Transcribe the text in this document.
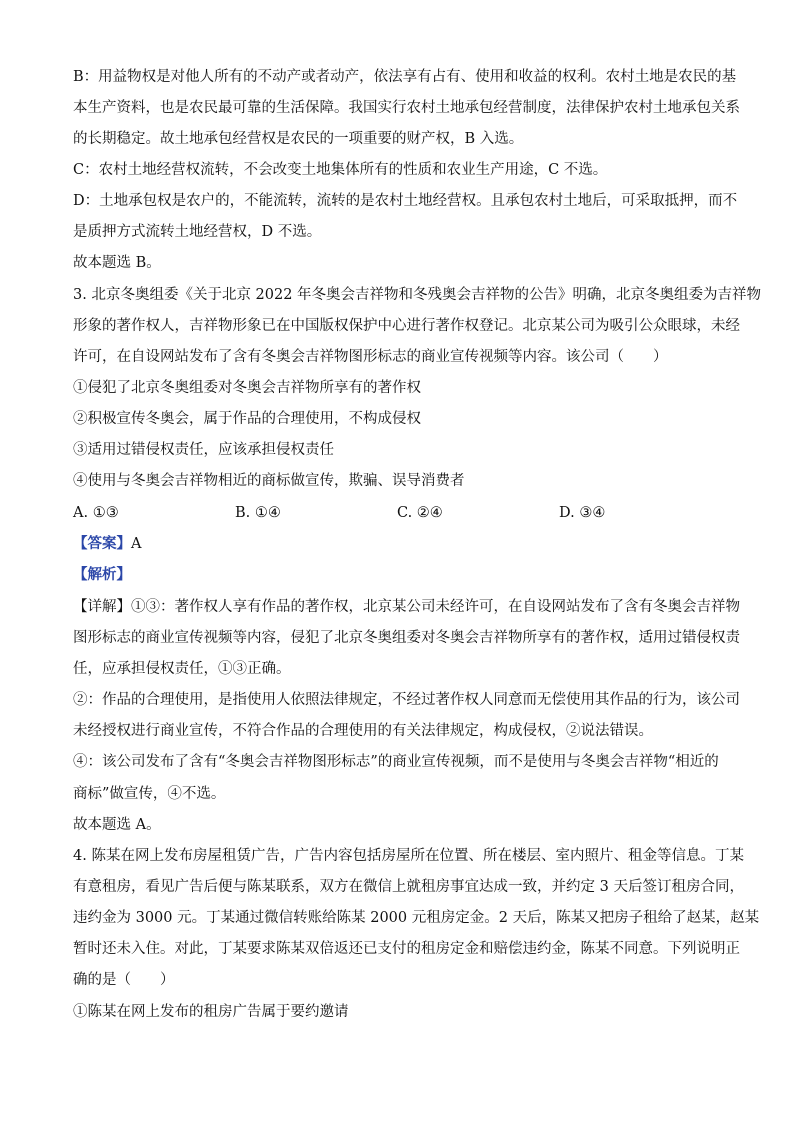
B：用益物权是对他人所有的不动产或者动产，依法享有占有、使用和收益的权利。农村土地是农民的基
本生产资料，也是农民最可靠的生活保障。我国实行农村土地承包经营制度，法律保护农村土地承包关系
的长期稳定。故土地承包经营权是农民的一项重要的财产权，B 入选。
C：农村土地经营权流转，不会改变土地集体所有的性质和农业生产用途，C 不选。
D：土地承包权是农户的，不能流转，流转的是农村土地经营权。且承包农村土地后，可采取抵押，而不
是质押方式流转土地经营权，D 不选。
故本题选 B。
3. 北京冬奥组委《关于北京 2022 年冬奥会吉祥物和冬残奥会吉祥物的公告》明确，北京冬奥组委为吉祥物
形象的著作权人，吉祥物形象已在中国版权保护中心进行著作权登记。北京某公司为吸引公众眼球，未经
许可，在自设网站发布了含有冬奥会吉祥物图形标志的商业宣传视频等内容。该公司（　　）
①侵犯了北京冬奥组委对冬奥会吉祥物所享有的著作权
②积极宣传冬奥会，属于作品的合理使用，不构成侵权
③适用过错侵权责任，应该承担侵权责任
④使用与冬奥会吉祥物相近的商标做宣传，欺骗、误导消费者
A. ①③	B. ①④	C. ②④	D. ③④
【答案】A
【解析】
【详解】①③：著作权人享有作品的著作权，北京某公司未经许可，在自设网站发布了含有冬奥会吉祥物
图形标志的商业宣传视频等内容，侵犯了北京冬奥组委对冬奥会吉祥物所享有的著作权，适用过错侵权责
任，应承担侵权责任，①③正确。
②：作品的合理使用，是指使用人依照法律规定，不经过著作权人同意而无偿使用其作品的行为，该公司
未经授权进行商业宣传，不符合作品的合理使用的有关法律规定，构成侵权，②说法错误。
④：该公司发布了含有“冬奥会吉祥物图形标志”的商业宣传视频，而不是使用与冬奥会吉祥物“相近的
商标”做宣传，④不选。
故本题选 A。
4. 陈某在网上发布房屋租赁广告，广告内容包括房屋所在位置、所在楼层、室内照片、租金等信息。丁某
有意租房，看见广告后便与陈某联系，双方在微信上就租房事宜达成一致，并约定 3 天后签订租房合同，
违约金为 3000 元。丁某通过微信转账给陈某 2000 元租房定金。2 天后，陈某又把房子租给了赵某，赵某
暂时还未入住。对此，丁某要求陈某双倍返还已支付的租房定金和赔偿违约金，陈某不同意。下列说明正
确的是（　　）
①陈某在网上发布的租房广告属于要约邀请
